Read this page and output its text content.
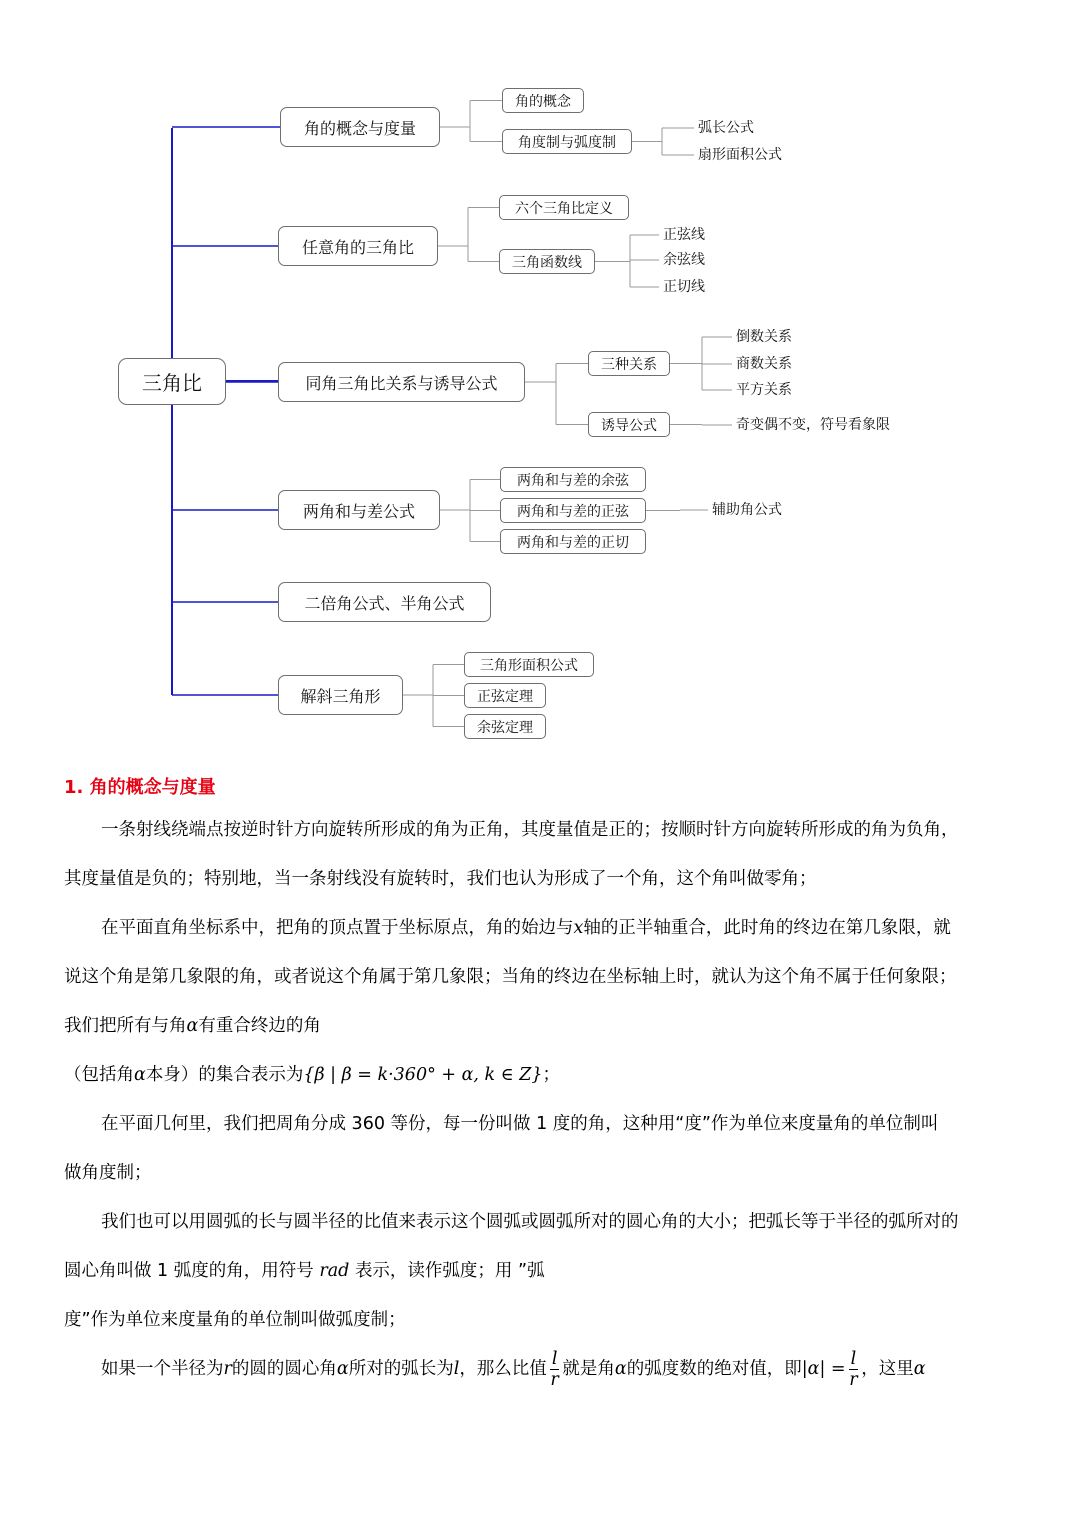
三角比
角的概念与度量
角的概念
角度制与弧度制
弧长公式
扇形面积公式
任意角的三角比
六个三角比定义
三角函数线
正弦线
余弦线
正切线
同角三角比关系与诱导公式
三种关系
倒数关系
商数关系
平方关系
诱导公式	奇变偶不变，符号看象限
两角和与差公式
两角和与差的余弦
两角和与差的正弦	辅助角公式
两角和与差的正切
二倍角公式、半角公式
解斜三角形
三角形面积公式
正弦定理
余弦定理
1. 角的概念与度量

一条射线绕端点按逆时针方向旋转所形成的角为正角，其度量值是正的；按顺时针方向旋转所形成的角为负角，

其度量值是负的；特别地，当一条射线没有旋转时，我们也认为形成了一个角，这个角叫做零角；

在平面直角坐标系中，把角的顶点置于坐标原点，角的始边与x轴的正半轴重合，此时角的终边在第几象限，就

说这个角是第几象限的角，或者说这个角属于第几象限；当角的终边在坐标轴上时，就认为这个角不属于任何象限；

我们把所有与角α有重合终边的角

（包括角α本身）的集合表示为{β | β = k·360° + α, k ∈ Z}；

在平面几何里，我们把周角分成 360 等份，每一份叫做 1 度的角，这种用“度”作为单位来度量角的单位制叫

做角度制；

我们也可以用圆弧的长与圆半径的比值来表示这个圆弧或圆弧所对的圆心角的大小；把弧长等于半径的弧所对的

圆心角叫做 1 弧度的角，用符号 rad 表示，读作弧度；用 ”弧

度”作为单位来度量角的单位制叫做弧度制；

如果一个半径为r的圆的圆心角α所对的弧长为l，那么比值 $\frac{l}{r}$ 就是角α的弧度数的绝对值，即$|\alpha| = \frac{l}{r}$ ，这里α
